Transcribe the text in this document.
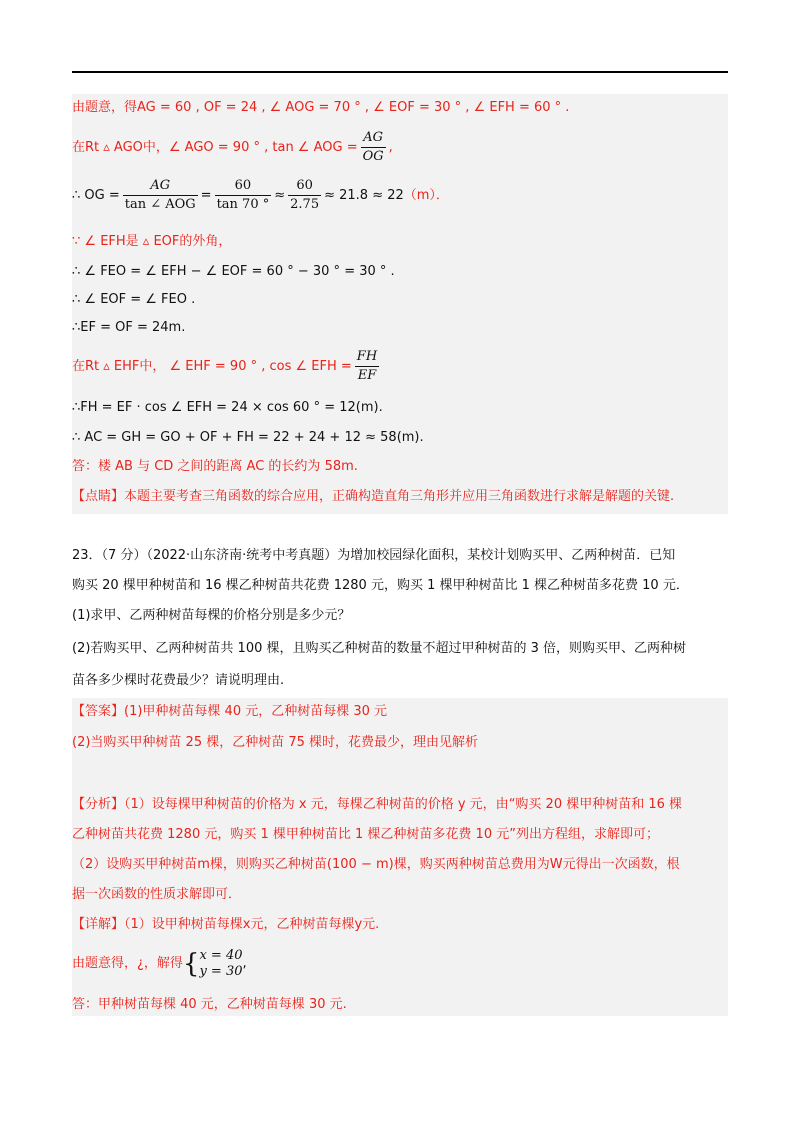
由题意，得AG = 60 , OF = 24 , ∠ AOG = 70 ° , ∠ EOF = 30 ° , ∠ EFH = 60 ° .
在Rt ▵ AGO中，∠ AGO = 90 ° , tan ∠ AOG = $\frac{AG}{OG}$ ,
∴ OG = $\frac{AG}{\text{tan ∠ AOG}} = \frac{60}{\tan 70 ^\circ} \approx \frac{60}{2.75} \approx 21.8 \approx 22(m)$．
∵ ∠ EFH是 ▵ EOF的外角，
∴ ∠ FEO = ∠ EFH − ∠ EOF = 60 ° − 30 ° = 30 ° .
∴ ∠ EOF = ∠ FEO .
∴EF = OF = 24m.
在Rt ▵ EHF中， ∠ EHF = 90 ° , cos ∠ EFH = $\frac{FH}{EF}$
∴FH = EF · cos ∠ EFH = 24 × cos 60 ° = 12(m).
∴ AC = GH = GO + OF + FH = 22 + 24 + 12 ≈ 58(m).
答：楼 AB 与 CD 之间的距离 AC 的长约为 58m.
【点睛】本题主要考查三角函数的综合应用，正确构造直角三角形并应用三角函数进行求解是解题的关键.
23．（7 分）（2022·山东济南·统考中考真题）为增加校园绿化面积，某校计划购买甲、乙两种树苗．已知
购买 20 棵甲种树苗和 16 棵乙种树苗共花费 1280 元，购买 1 棵甲种树苗比 1 棵乙种树苗多花费 10 元．
(1)求甲、乙两种树苗每棵的价格分别是多少元？
(2)若购买甲、乙两种树苗共 100 棵，且购买乙种树苗的数量不超过甲种树苗的 3 倍，则购买甲、乙两种树
苗各多少棵时花费最少？请说明理由.
【答案】(1)甲种树苗每棵 40 元，乙种树苗每棵 30 元
(2)当购买甲种树苗 25 棵，乙种树苗 75 棵时，花费最少，理由见解析
【分析】（1）设每棵甲种树苗的价格为 x 元，每棵乙种树苗的价格 y 元，由“购买 20 棵甲种树苗和 16 棵
乙种树苗共花费 1280 元，购买 1 棵甲种树苗比 1 棵乙种树苗多花费 10 元”列出方程组，求解即可；
（2）设购买甲种树苗m棵，则购买乙种树苗(100 − m)棵，购买两种树苗总费用为W元得出一次函数，根
据一次函数的性质求解即可．
【详解】（1）设甲种树苗每棵x元，乙种树苗每棵y元.
由题意得，¿，解得{ x = 40
y = 30 ,
答：甲种树苗每棵 40 元，乙种树苗每棵 30 元.
